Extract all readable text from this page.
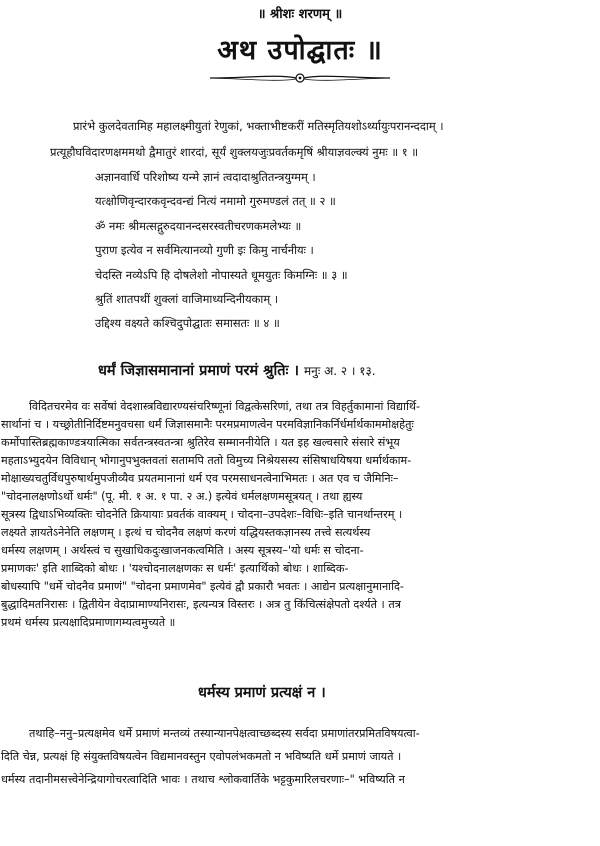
॥ श्रीशः शरणम् ॥
अथ उपोद्घातः ॥
प्रारंभे कुलदेवतामिह महालक्ष्मीयुतां रेणुकां, भक्ताभीष्टकरीं मतिस्मृतियशोऽर्थ्यायुःपरानन्ददाम् ।
प्रत्यूहौघविदारणक्षममथो द्वैमातुरं शारदां, सूर्यं शुक्लयजुःप्रवर्तकमृषिं श्रीयाज्ञवल्क्यं नुमः ॥ १ ॥
अज्ञानवार्धि परिशोष्य यन्मे ज्ञानं त्वदादाश्रुतितन्त्रयुग्मम् ।
यत्क्षोणिवृन्दारकवृन्दवन्द्यं नित्यं नमामो गुरुमण्डलं तत् ॥ २ ॥
ॐ नमः श्रीमत्सद्गुरुदयानन्दसरस्वतीचरणकमलेभ्यः ॥
पुराण इत्येव न सर्वमित्यानव्यो गुणी इः किमु नार्चनीयः ।
चेदस्ति नव्येऽपि हि दोषलेशो नोपास्यते धूमयुतः किमग्निः ॥ ३ ॥
श्रुतिं शातपथीं शुक्लां वाजिमाध्यन्दिनीयकाम् ।
उद्दिश्य वक्ष्यते कश्चिदुपोद्घातः समासतः ॥ ४ ॥
धर्मं जिज्ञासमानानां प्रमाणं परमं श्रुतिः । मनुः अ. २ । १३.
विदितचरमेव वः सर्वेषां वेदशास्त्रविद्यारण्यसंचरिष्णूनां विद्वत्केसरिणां, तथा तत्र विहर्तुकामानां विद्यार्थि-
सार्थानां च । यच्छ्रोतीनिर्दिष्टमनुवचसा धर्मं जिज्ञासमानैः परमप्रमाणत्वेन परमविज्ञानिकर्निर्धर्मार्थकाममोक्षहेतुः
कर्मोपास्तिब्रह्मकाण्डत्रयात्मिका सर्वतन्त्रस्वतन्त्रा श्रुतिरेव सम्माननीयेति । यत इह खल्वसारे संसारे संभूय
महताऽभ्युदयेन विविधान् भोगानुपभुक्तवतां सतामपि ततो विमुच्य निश्रेयसस्य संसिषाधयिषया धर्मार्थकाम-
मोक्षाख्यचतुर्विधपुरुषार्थमुपजीव्यैव प्रयतमानानां धर्म एव परमसाधनत्वेनाभिमतः । अत एव च जैमिनिः–
"चोदनालक्षणोऽर्थो धर्मः" (पू. मी. १ अ. १ पा. २ अ.) इत्येवं धर्मलक्षणमसूत्रयत् । तथा ह्यस्य
सूत्रस्य द्विधाऽभिव्यक्तिः चोदनेति क्रियायाः प्रवर्तकं वाक्यम् । चोदना–उपदेशः–विधिः–इति चानर्थान्तरम् ।
लक्ष्यते ज्ञायतेऽनेनेति लक्षणम् । इत्थं च चोदनैव लक्षणं करणं यद्धियस्तकज्ञानस्य तत्त्वे सत्यर्थस्य
धर्मस्य लक्षणम् । अर्थस्त्वं च सुखाधिकदुःखाजनकत्वमिति । अस्य सूत्रस्य–'यो धर्मः स चोदना-
प्रमाणकः' इति शाब्दिको बोधः । 'यश्चोदनालक्षणकः स धर्मः' इत्यार्थिको बोधः । शाब्दिक-
बोधस्यापि "धर्मे चोदनैव प्रमाणं" "चोदना प्रमाणमेव" इत्येवं द्वौ प्रकारौ भवतः । आद्येन प्रत्यक्षानुमानादि-
बुद्धादिमतनिरासः । द्वितीयेन वेदाप्रामाण्यनिरासः, इत्यन्यत्र विस्तरः । अत्र तु किंचित्संक्षेपतो दर्श्यते । तत्र
प्रथमं धर्मस्य प्रत्यक्षादिप्रमाणागम्यत्वमुच्यते ॥
धर्मस्य प्रमाणं प्रत्यक्षं न ।
तथाहि–ननु–प्रत्यक्षमेव धर्मे प्रमाणं मन्तव्यं तस्यान्यानपेक्षत्वाच्छब्दस्य सर्वदा प्रमाणांतरप्रमितविषयत्वा-
दिति चेन्न, प्रत्यक्षं हि संयुक्तविषयत्वेन विद्यमानवस्तुन एवोपलंभकमतो न भविष्यति धर्मे प्रमाणं जायते ।
धर्मस्य तदानीमसत्त्वेनेन्द्रियागोचरत्वादिति भावः । तथाच श्लोकवार्तिके भट्टकुमारिलचरणाः–" भविष्यति न
